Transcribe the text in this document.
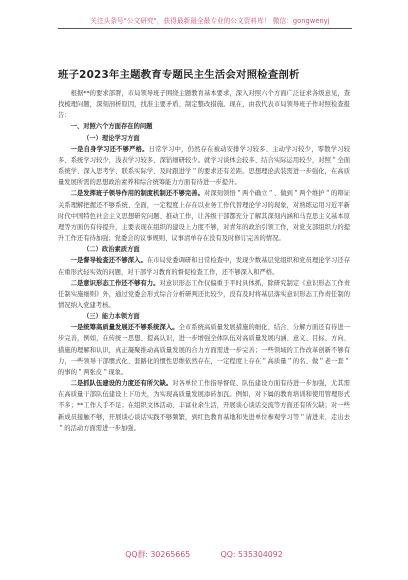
关注头条号"公文研究"，获得最新最全最专业的公文资料库！ 微信：gongwenyj
班子2023年主题教育专题民主生活会对照检查剖析

根据**的要求部署，市局领导班子围绕主题教育基本要求，深入对照六个方面广泛征求各级意见，查找梳理问题，深刻剖析原因，找准主要矛盾、制定整改措施。现在，由我代表市局领导班子作对照检查报告：

一、对照六个方面存在的问题

（一）理论学习方面

一是自身学习还不够严格。日常学习中，仍然存在被动安排学习较多、主动学习较少，零散学习较多、系统学习较少，浅表学习较多、深钻细研较少。就学习谈体会较多、结合实际运用较少，对照＂全面系统学、深入思考学、联系实际学、及时跟进学＂的要求还有差距。思想理论武装需进一步强化，在高质量发展所需的思想政治素养和综合统筹能力方面有待进一步提升。

二是发挥班子领导作用的制度机制还不够完善。对深刻领悟＂两个确立＂、做到＂两个维护＂的辩证关系理解把握还不够系统、全面，一定程度上存在以业务工作代替理论学习的现象，对熟练运用习近平新时代中国特色社会主义思想研究问题、推动工作，让各级干部都充分了解其深刻内涵和马克思主义基本原理等方面仍有待提升，主要表现在组织的建设上力度不够，对青年的政治引领工作，对党支部组织力的提升工作还有待加强；党委会的议事规则、议事清单存在没有及时修订完善的情况。

（二）政治素质方面

一是督导检查还不够深入。在市局党委调研和日常检查中，发现少数基层党组织和党员理论学习还存在重形式轻实效的问题，对干部学习教育的督促检查工作，还不够深入和严格。

二是意识形态工作还不够有力。对意识形态工作仅偏重于平时具体抓，除研究制定《意识形态工作责任制实施细则》外，通过党委会形式综合分析研判还比较少，没有及时将基层落实意识形态工作责任制的情况纳入党建考核。

（三）能力本领方面

一是统筹高质量发展还不够系统深入。全市系统高质量发展措施的细化、结合、分解方面还有待进一步完善，例如，在传统一思想、提高认识，进一步增强全体队伍对高质量发展内涵、意义、目标、方向、措施的理解和认识，真正凝聚推动高质量发展的合力方面需进一步完善；一些领域的工作改革创新不够有力，一些领导干部惯式化、套路化的惯性思维依然存在，一定程度上存在＂高质量＂的名、做＂老一套＂的事的＂两张皮＂现象。

二是抓队伍建设的力度还有所欠缺。对各单位工作指导督促、队伍建设方面有待进一步加强，尤其需在高质量干部队伍建设上下功夫，为实现高质量发展添砖加瓦。例如，对下属的教育培训和使用管理形式不多；**工作人手不足；在组织文体活动、丰富业余生活，开展谈心谈话交流等方面还有所欠缺；对一些新成员接触不够，开展谈心谈话实践不够频繁，到红色教育基地和先进单位参观学习等＂请进来、走出去＂的活动方面需进一步加强。

QQ群: 30265665	QQ: 535304092
